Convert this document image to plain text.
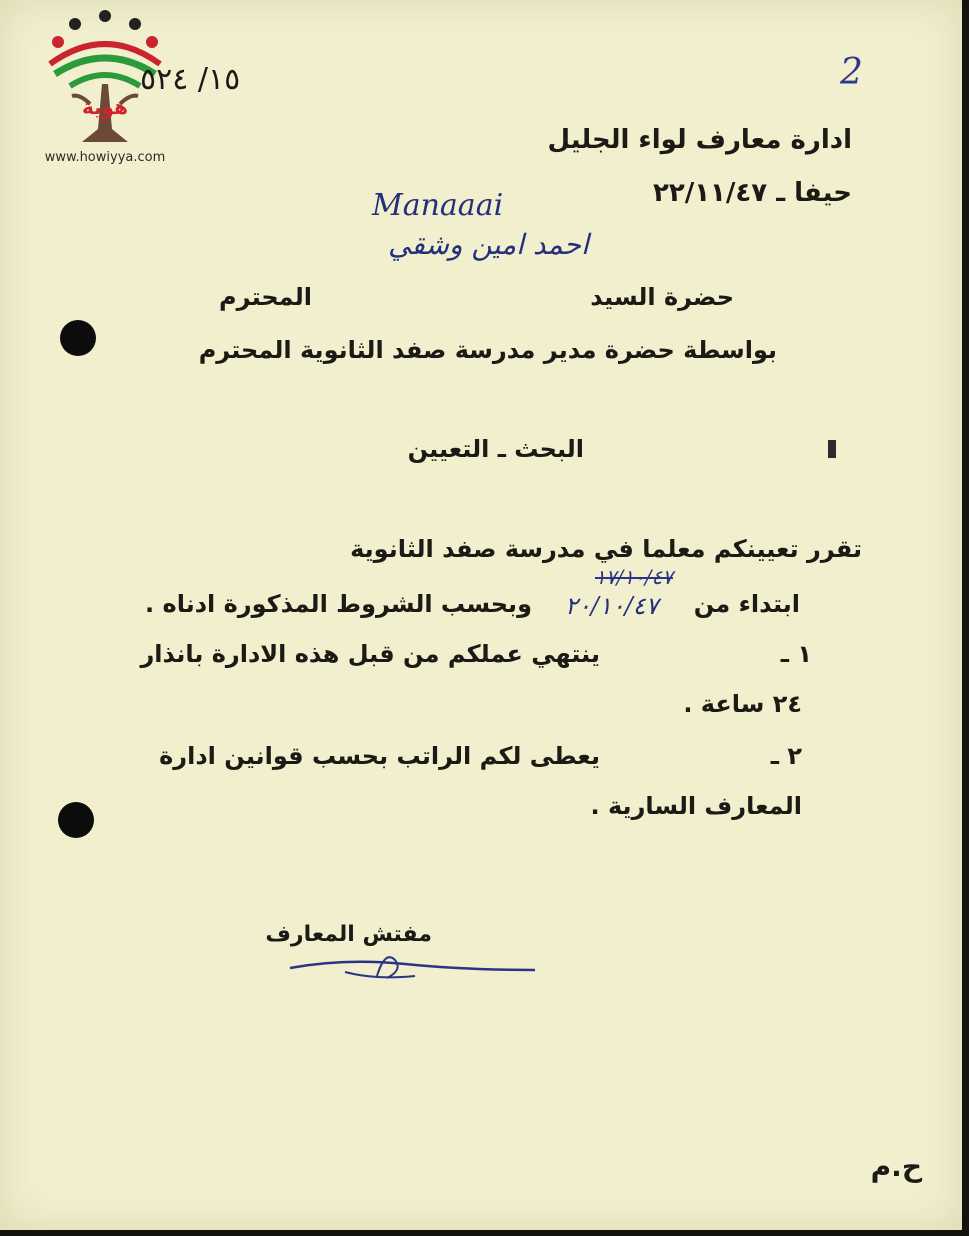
هوية
www.howiyya.com
١٥/ ٥٢٤	2
ادارة معارف لواء الجليل
حيفا ـ ٢٢/١١/٤٧
Manaaai
احمد امين وشقي
حضرة السيد
المحترم
بواسطة حضرة مدير مدرسة صفد الثانوية المحترم
البحث ـ التعيين
تقرر تعيينكم معلما في مدرسة صفد الثانوية
ابتداء من
١٧/١٠/٤٧
٢٠/١٠/٤٧
وبحسب الشروط المذكورة ادناه .
١ ـ
ينتهي عملكم من قبل هذه الادارة بانذار
٢٤ ساعة .
٢ ـ
يعطى لكم الراتب بحسب قوانين ادارة
المعارف السارية .
مفتش المعارف
ح.م
